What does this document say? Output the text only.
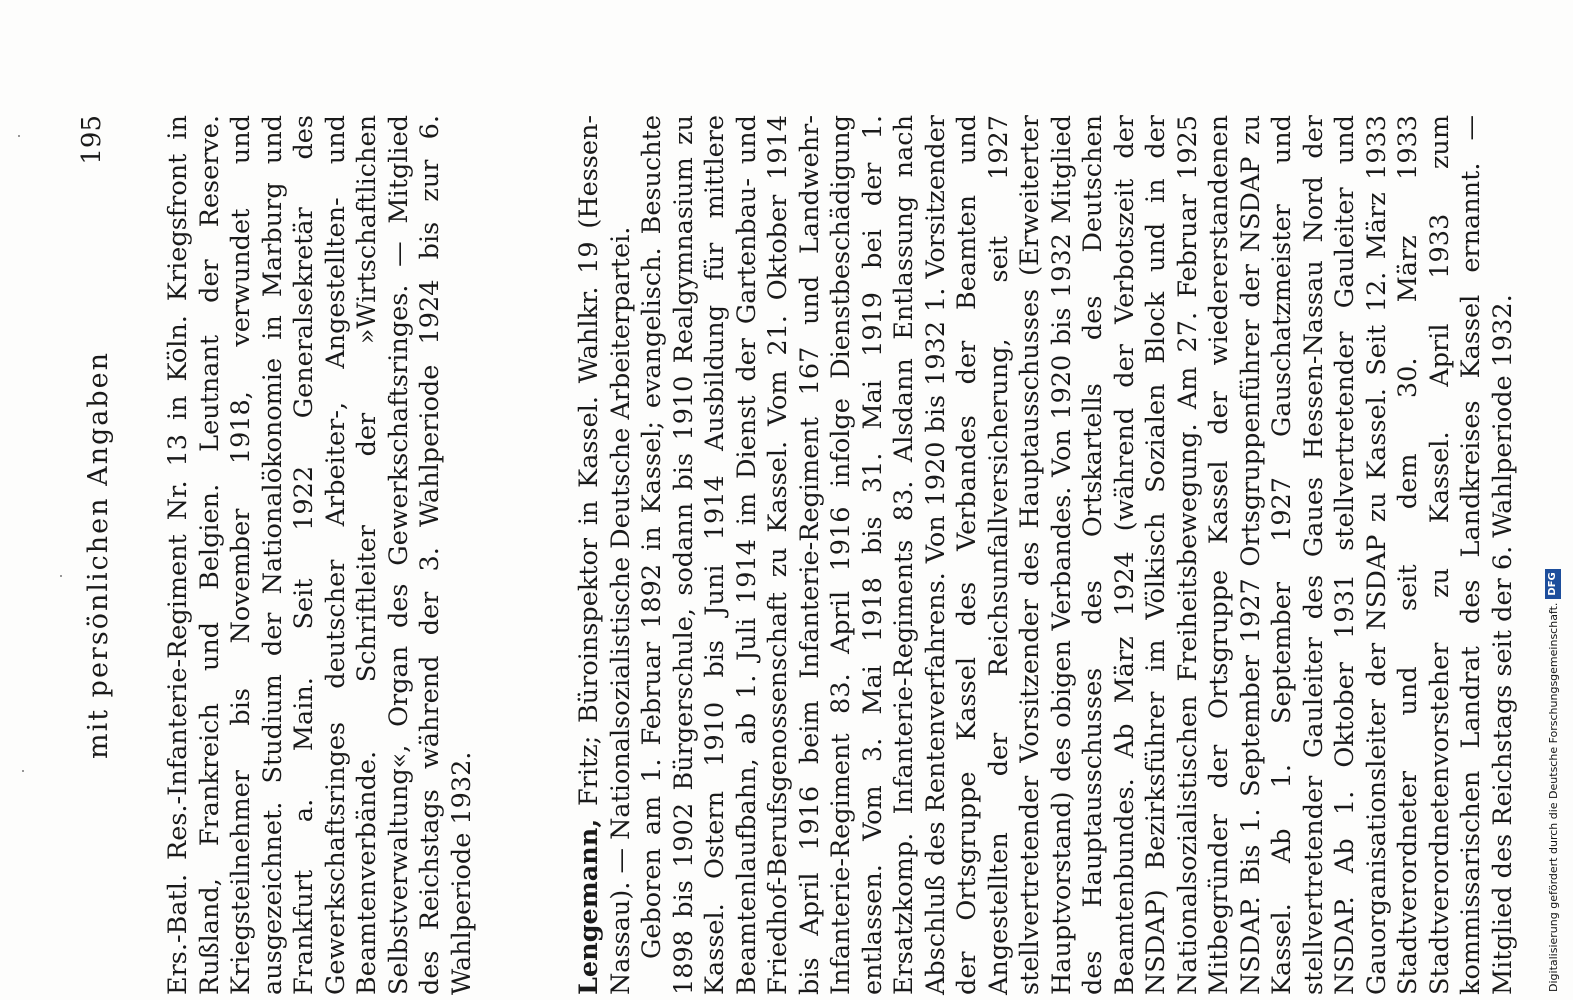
mit persönlichen Angaben
195 Ers.-Batl. Res.-Infanterie-Regiment Nr. 13 in Köln. Kriegsfront in Rußland, Frankreich und Belgien. Leutnant der Reserve. Kriegsteilnehmer bis November 1918, verwundet und ausgezeichnet. Studium der Nationalökonomie in Marburg und Frankfurt a. Main. Seit 1922 Generalsekretär des Gewerkschaftsringes deutscher Arbeiter-, Angestellten- und Beamtenverbände. Schriftleiter der »Wirtschaftlichen Selbstverwaltung«, Organ des Gewerkschaftsringes. — Mitglied des Reichstags während der 3. Wahlperiode 1924 bis zur 6. Wahlperiode 1932.	Lengemann, Fritz; Büroinspektor in Kassel. Wahlkr. 19 (Hessen-Nassau). — Nationalsozialistische Deutsche Arbeiterpartei. Geboren am 1. Februar 1892 in Kassel; evangelisch. Besuchte 1898 bis 1902 Bürgerschule, sodann bis 1910 Realgymnasium zu Kassel. Ostern 1910 bis Juni 1914 Ausbildung für mittlere Beamtenlaufbahn, ab 1. Juli 1914 im Dienst der Gartenbau- und Friedhof-Berufsgenossenschaft zu Kassel. Vom 21. Oktober 1914 bis April 1916 beim Infanterie-Regiment 167 und Landwehr-Infanterie-Regiment 83. April 1916 infolge Dienstbeschädigung entlassen. Vom 3. Mai 1918 bis 31. Mai 1919 bei der 1. Ersatzkomp. Infanterie-Regiments 83. Alsdann Entlassung nach Abschluß des Rentenverfahrens. Von 1920 bis 1932 1. Vorsitzender der Ortsgruppe Kassel des Verbandes der Beamten und Angestellten der Reichsunfallversicherung, seit 1927 stellvertretender Vorsitzender des Hauptausschusses (Erweiterter Hauptvorstand) des obigen Verbandes. Von 1920 bis 1932 Mitglied des Hauptausschusses des Ortskartells des Deutschen Beamtenbundes. Ab März 1924 (während der Verbotszeit der NSDAP) Bezirksführer im Völkisch Sozialen Block und in der Nationalsozialistischen Freiheitsbewegung. Am 27. Februar 1925 Mitbegründer der Ortsgruppe Kassel der wiedererstandenen NSDAP. Bis 1. September 1927 Ortsgruppenführer der NSDAP zu Kassel. Ab 1. September 1927 Gauschatzmeister und stellvertretender Gauleiter des Gaues Hessen-Nassau Nord der NSDAP. Ab 1. Oktober 1931 stellvertretender Gauleiter und Gauorganisationsleiter der NSDAP zu Kassel. Seit 12. März 1933 Stadtverordneter und seit dem 30. März 1933 Stadtverordnetenvorsteher zu Kassel. April 1933 zum kommissarischen Landrat des Landkreises Kassel ernannt. — Mitglied des Reichstags seit der 6. Wahlperiode 1932.	Digitalisierung gefördert durch die Deutsche Forschungsgemeinschaft.
DFG
